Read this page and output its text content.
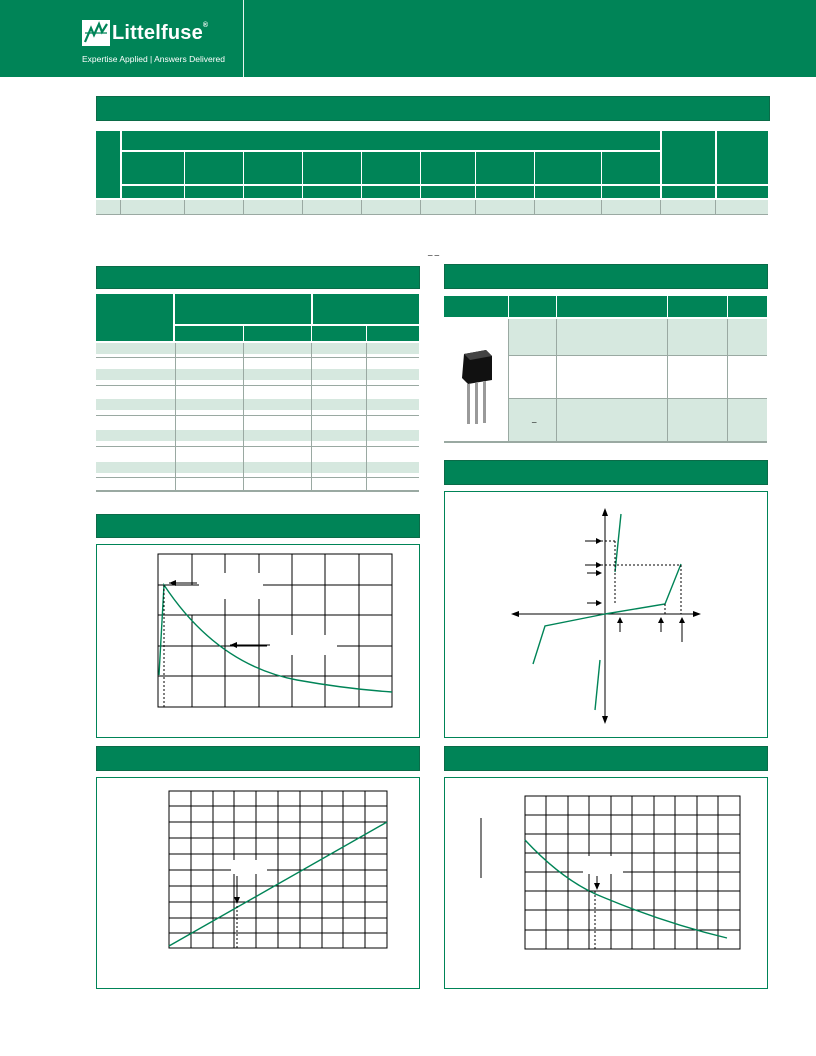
Littelfuse®
Expertise Applied | Answers Delivered
_ _
_
